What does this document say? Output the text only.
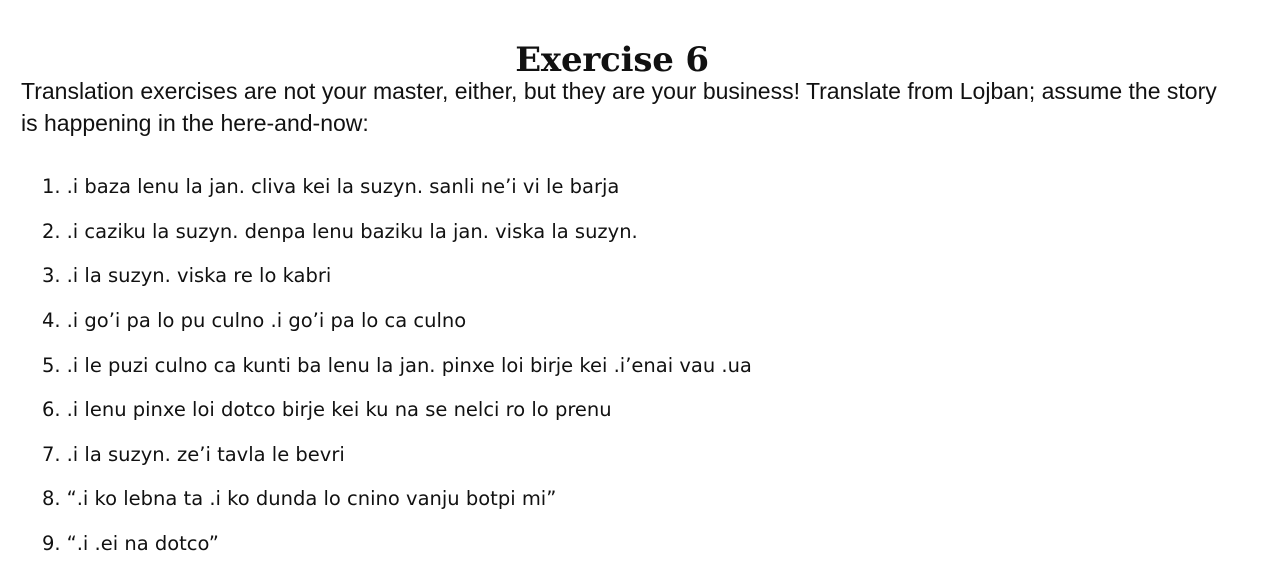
Exercise 6

Translation exercises are not your master, either, but they are your business! Translate from Lojban; assume the story is happening in the here-and-now:

1. .i baza lenu la jan. cliva kei la suzyn. sanli ne’i vi le barja
2. .i caziku la suzyn. denpa lenu baziku la jan. viska la suzyn.
3. .i la suzyn. viska re lo kabri
4. .i go’i pa lo pu culno .i go’i pa lo ca culno
5. .i le puzi culno ca kunti ba lenu la jan. pinxe loi birje kei .i’enai vau .ua
6. .i lenu pinxe loi dotco birje kei ku na se nelci ro lo prenu
7. .i la suzyn. ze’i tavla le bevri
8. “.i ko lebna ta .i ko dunda lo cnino vanju botpi mi”
9. “.i .ei na dotco”
